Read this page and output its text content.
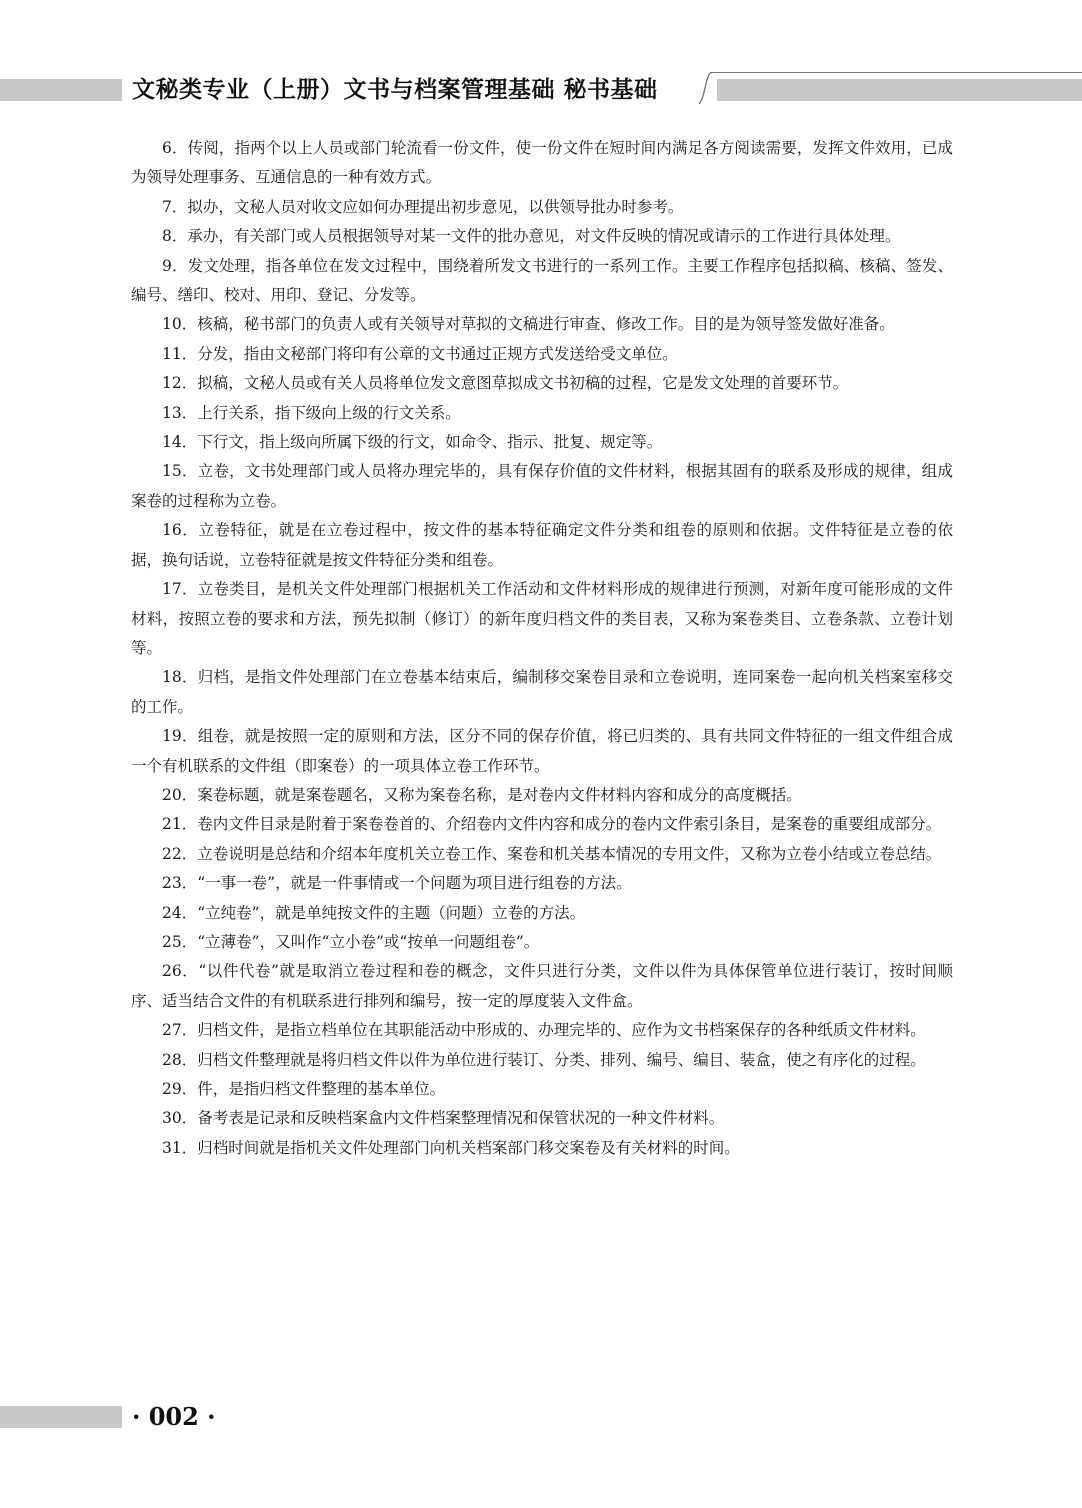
文秘类专业（上册）文书与档案管理基础 秘书基础

6．传阅，指两个以上人员或部门轮流看一份文件，使一份文件在短时间内满足各方阅读需要，发挥文件效用，已成为领导处理事务、互通信息的一种有效方式。

7．拟办，文秘人员对收文应如何办理提出初步意见，以供领导批办时参考。

8．承办，有关部门或人员根据领导对某一文件的批办意见，对文件反映的情况或请示的工作进行具体处理。

9．发文处理，指各单位在发文过程中，围绕着所发文书进行的一系列工作。主要工作程序包括拟稿、核稿、签发、编号、缮印、校对、用印、登记、分发等。

10．核稿，秘书部门的负责人或有关领导对草拟的文稿进行审查、修改工作。目的是为领导签发做好准备。

11．分发，指由文秘部门将印有公章的文书通过正规方式发送给受文单位。

12．拟稿，文秘人员或有关人员将单位发文意图草拟成文书初稿的过程，它是发文处理的首要环节。

13．上行关系，指下级向上级的行文关系。

14．下行文，指上级向所属下级的行文，如命令、指示、批复、规定等。

15．立卷，文书处理部门或人员将办理完毕的，具有保存价值的文件材料，根据其固有的联系及形成的规律，组成案卷的过程称为立卷。

16．立卷特征，就是在立卷过程中，按文件的基本特征确定文件分类和组卷的原则和依据。文件特征是立卷的依据，换句话说，立卷特征就是按文件特征分类和组卷。

17．立卷类目，是机关文件处理部门根据机关工作活动和文件材料形成的规律进行预测，对新年度可能形成的文件材料，按照立卷的要求和方法，预先拟制（修订）的新年度归档文件的类目表，又称为案卷类目、立卷条款、立卷计划等。

18．归档，是指文件处理部门在立卷基本结束后，编制移交案卷目录和立卷说明，连同案卷一起向机关档案室移交的工作。

19．组卷，就是按照一定的原则和方法，区分不同的保存价值，将已归类的、具有共同文件特征的一组文件组合成一个有机联系的文件组（即案卷）的一项具体立卷工作环节。

20．案卷标题，就是案卷题名，又称为案卷名称，是对卷内文件材料内容和成分的高度概括。

21．卷内文件目录是附着于案卷卷首的、介绍卷内文件内容和成分的卷内文件索引条目，是案卷的重要组成部分。

22．立卷说明是总结和介绍本年度机关立卷工作、案卷和机关基本情况的专用文件，又称为立卷小结或立卷总结。

23．“一事一卷”，就是一件事情或一个问题为项目进行组卷的方法。

24．“立纯卷”，就是单纯按文件的主题（问题）立卷的方法。

25．“立薄卷”，又叫作“立小卷”或“按单一问题组卷”。

26．“以件代卷”就是取消立卷过程和卷的概念，文件只进行分类，文件以件为具体保管单位进行装订，按时间顺序、适当结合文件的有机联系进行排列和编号，按一定的厚度装入文件盒。

27．归档文件，是指立档单位在其职能活动中形成的、办理完毕的、应作为文书档案保存的各种纸质文件材料。

28．归档文件整理就是将归档文件以件为单位进行装订、分类、排列、编号、编目、装盒，使之有序化的过程。

29．件，是指归档文件整理的基本单位。

30．备考表是记录和反映档案盒内文件档案整理情况和保管状况的一种文件材料。

31．归档时间就是指机关文件处理部门向机关档案部门移交案卷及有关材料的时间。

· 002 ·
